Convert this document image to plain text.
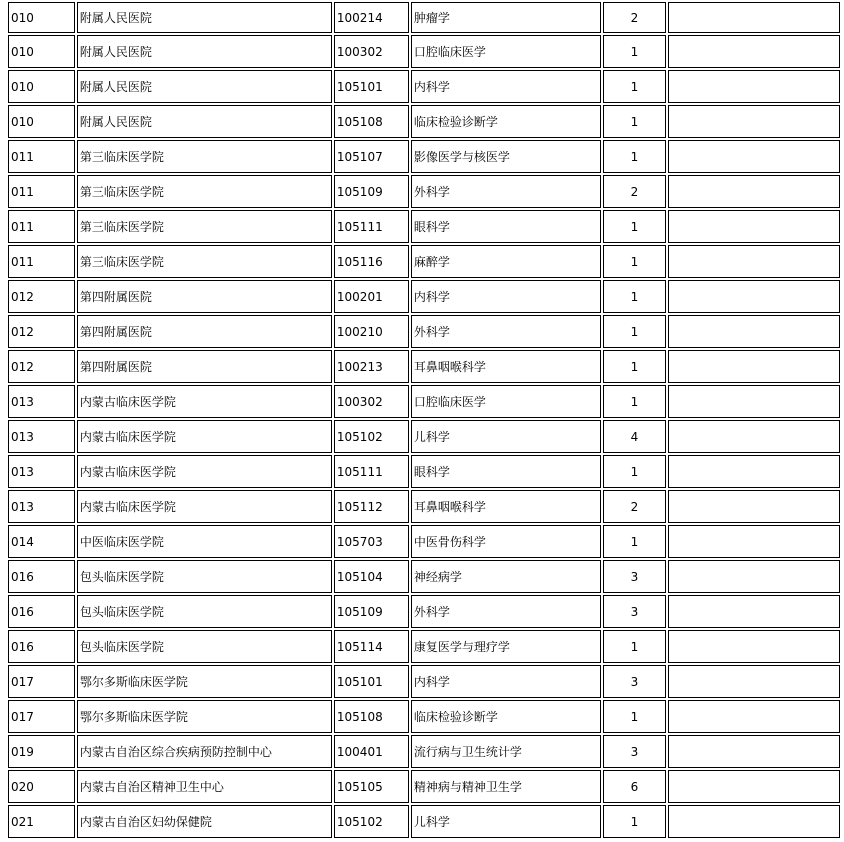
010	附属人民医院	100214	肿瘤学	2	
010	附属人民医院	100302	口腔临床医学	1	
010	附属人民医院	105101	内科学	1	
010	附属人民医院	105108	临床检验诊断学	1	
011	第三临床医学院	105107	影像医学与核医学	1	
011	第三临床医学院	105109	外科学	2	
011	第三临床医学院	105111	眼科学	1	
011	第三临床医学院	105116	麻醉学	1	
012	第四附属医院	100201	内科学	1	
012	第四附属医院	100210	外科学	1	
012	第四附属医院	100213	耳鼻咽喉科学	1	
013	内蒙古临床医学院	100302	口腔临床医学	1	
013	内蒙古临床医学院	105102	儿科学	4	
013	内蒙古临床医学院	105111	眼科学	1	
013	内蒙古临床医学院	105112	耳鼻咽喉科学	2	
014	中医临床医学院	105703	中医骨伤科学	1	
016	包头临床医学院	105104	神经病学	3	
016	包头临床医学院	105109	外科学	3	
016	包头临床医学院	105114	康复医学与理疗学	1	
017	鄂尔多斯临床医学院	105101	内科学	3	
017	鄂尔多斯临床医学院	105108	临床检验诊断学	1	
019	内蒙古自治区综合疾病预防控制中心	100401	流行病与卫生统计学	3	
020	内蒙古自治区精神卫生中心	105105	精神病与精神卫生学	6	
021	内蒙古自治区妇幼保健院	105102	儿科学	1	
